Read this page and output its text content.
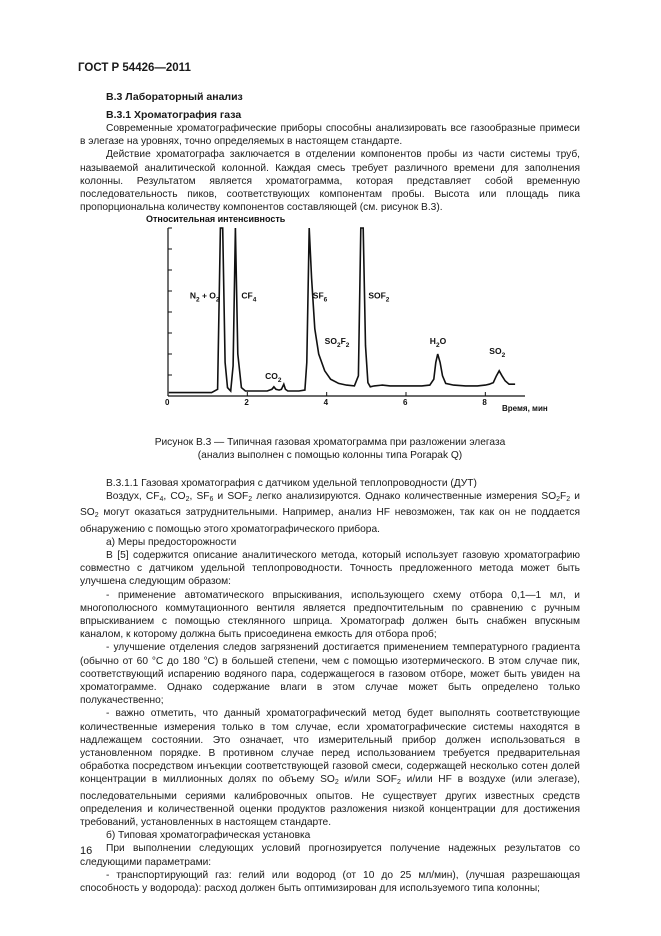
ГОСТ Р 54426—2011
В.3 Лабораторный анализ
В.3.1 Хроматография газа

Современные хроматографические приборы способны анализировать все газообразные примеси в элегазе на уровнях, точно определяемых в настоящем стандарте.

Действие хроматографа заключается в отделении компонентов пробы из части системы труб, называемой аналитической колонной. Каждая смесь требует различного времени для заполнения колонны. Результатом является хроматограмма, которая представляет собой временную последовательность пиков, соответствующих компонентам пробы. Высота или площадь пика пропорциональна количеству компонентов составляющей (см. рисунок В.3).

Относительная интенсивность
0	2	4	6	8
N2 + O2	CF4
CO2
SF6
SO2F2
SOF2
H2O
SO2
Время, мин
Рисунок В.3 — Типичная газовая хроматограмма при разложении элегаза
(анализ выполнен с помощью колонны типа Porapak Q)

В.3.1.1 Газовая хроматография с датчиком удельной теплопроводности (ДУТ)

Воздух, $CF_4$, $CO_2$, $SF_6$ и $SOF_2$ легко анализируются. Однако количественные измерения $SO_2F_2$ и $SO_2$ могут оказаться затруднительными. Например, анализ HF невозможен, так как он не поддается обнаружению с помощью этого хроматографического прибора.

а) Меры предосторожности

В [5] содержится описание аналитического метода, который использует газовую хроматографию совместно с датчиком удельной теплопроводности. Точность предложенного метода может быть улучшена следующим образом:

- применение автоматического впрыскивания, использующего схему отбора 0,1—1 мл, и многополюсного коммутационного вентиля является предпочтительным по сравнению с ручным впрыскиванием с помощью стеклянного шприца. Хроматограф должен быть снабжен впускным каналом, к которому должна быть присоединена емкость для отбора проб;

- улучшение отделения следов загрязнений достигается применением температурного градиента (обычно от 60 °С до 180 °С) в большей степени, чем с помощью изотермического. В этом случае пик, соответствующий испарению водяного пара, содержащегося в газовом отборе, может быть увиден на хроматограмме. Однако содержание влаги в этом случае может быть определено только полукачественно;

- важно отметить, что данный хроматографический метод будет выполнять соответствующие количественные измерения только в том случае, если хроматографические системы находятся в надлежащем состоянии. Это означает, что измерительный прибор должен использоваться в установленном порядке. В противном случае перед использованием требуется предварительная обработка посредством инъекции соответствующей газовой смеси, содержащей несколько сотен долей концентрации в миллионных долях по объему $SO_2$ и/или $SOF_2$ и/или HF в воздухе (или элегазе), последовательными сериями калибровочных опытов. Не существует других известных средств определения и количественной оценки продуктов разложения низкой концентрации для достижения требований, установленных в настоящем стандарте.

б) Типовая хроматографическая установка

При выполнении следующих условий прогнозируется получение надежных результатов со следующими параметрами:

- транспортирующий газ: гелий или водород (от 10 до 25 мл/мин), (лучшая разрешающая способность у водорода): расход должен быть оптимизирован для используемого типа колонны;

16
